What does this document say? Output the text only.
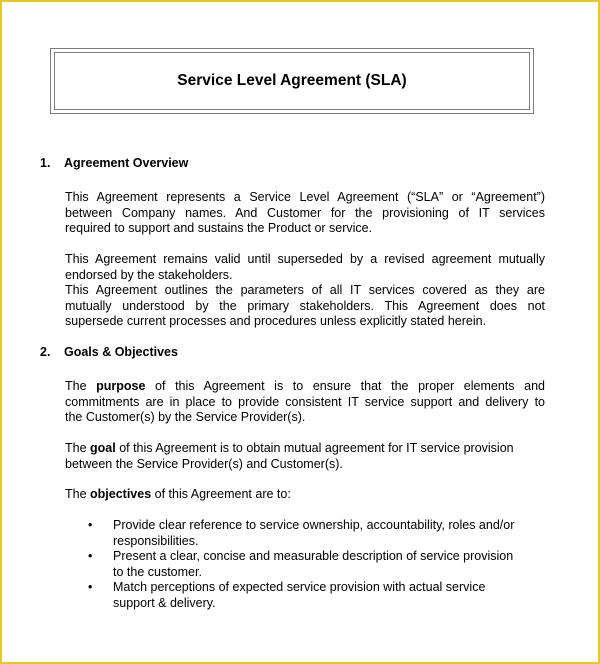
Service Level Agreement (SLA)
1. Agreement Overview
This Agreement represents a Service Level Agreement (“SLA” or “Agreement”)
between Company names. And Customer for the provisioning of IT services
required to support and sustains the Product or service.
This Agreement remains valid until superseded by a revised agreement mutually
endorsed by the stakeholders.
This Agreement outlines the parameters of all IT services covered as they are
mutually understood by the primary stakeholders. This Agreement does not
supersede current processes and procedures unless explicitly stated herein.
2. Goals & Objectives
The purpose of this Agreement is to ensure that the proper elements and
commitments are in place to provide consistent IT service support and delivery to
the Customer(s) by the Service Provider(s).
The goal of this Agreement is to obtain mutual agreement for IT service provision
between the Service Provider(s) and Customer(s).
The objectives of this Agreement are to:
• Provide clear reference to service ownership, accountability, roles and/or
responsibilities.
• Present a clear, concise and measurable description of service provision
to the customer.
• Match perceptions of expected service provision with actual service
support & delivery.
